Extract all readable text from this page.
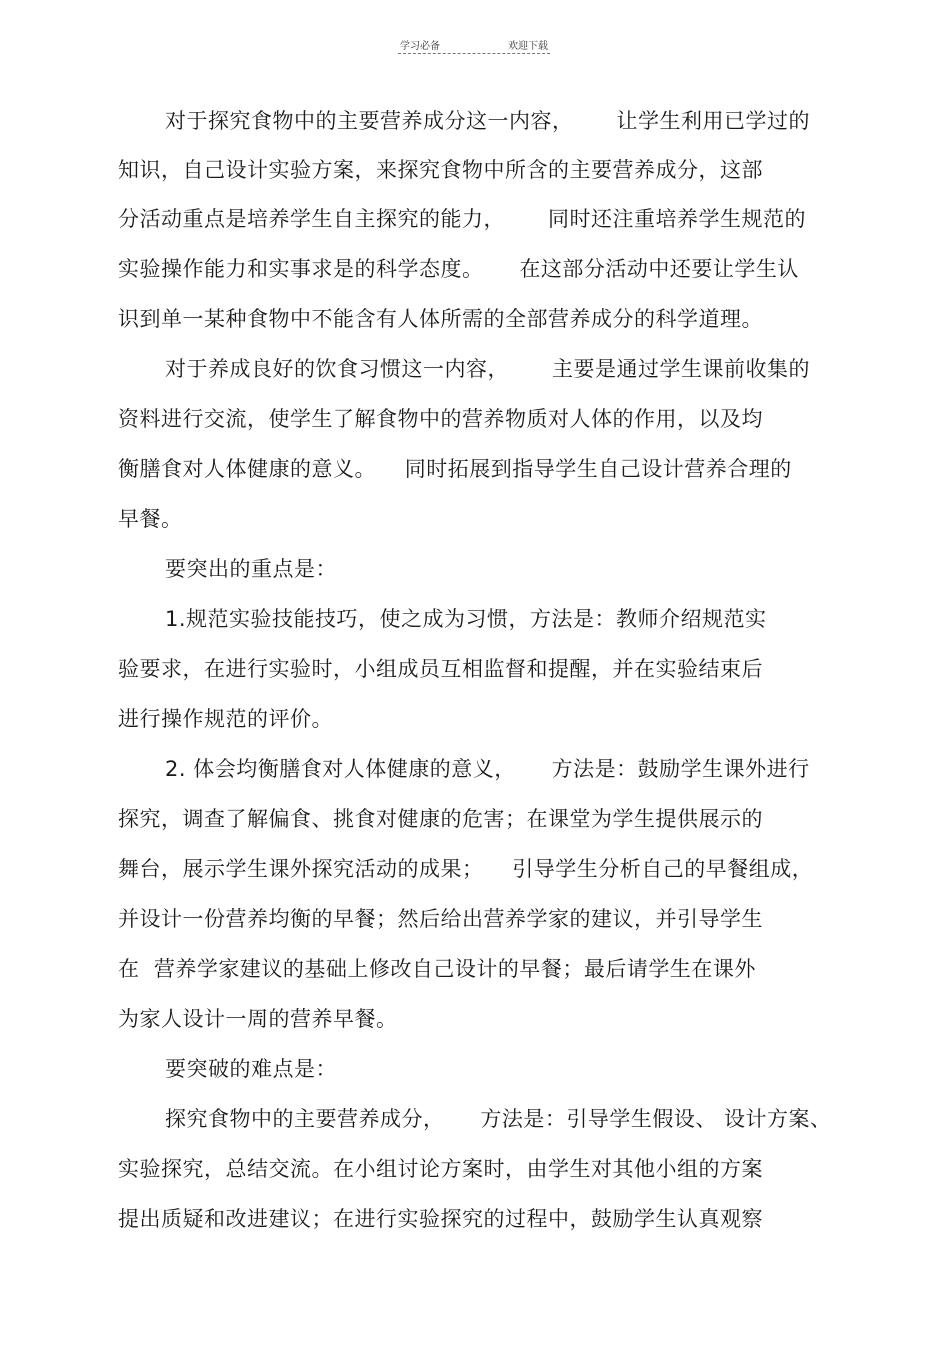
学习必备	欢迎下载
对于探究食物中的主要营养成分这一内容，      让学生利用已学过的
知识，自己设计实验方案，来探究食物中所含的主要营养成分，这部
分活动重点是培养学生自主探究的能力，      同时还注重培养学生规范的
实验操作能力和实事求是的科学态度。     在这部分活动中还要让学生认
识到单一某种食物中不能含有人体所需的全部营养成分的科学道理。
对于养成良好的饮食习惯这一内容，      主要是通过学生课前收集的
资料进行交流，使学生了解食物中的营养物质对人体的作用，以及均
衡膳食对人体健康的意义。    同时拓展到指导学生自己设计营养合理的
早餐。
要突出的重点是：
1.规范实验技能技巧，使之成为习惯，方法是：教师介绍规范实
验要求，在进行实验时，小组成员互相监督和提醒，并在实验结束后
进行操作规范的评价。
2. 体会均衡膳食对人体健康的意义，     方法是：鼓励学生课外进行
探究，调查了解偏食、挑食对健康的危害；在课堂为学生提供展示的
舞台，展示学生课外探究活动的成果；    引导学生分析自己的早餐组成，
并设计一份营养均衡的早餐；然后给出营养学家的建议，并引导学生
在  营养学家建议的基础上修改自己设计的早餐；最后请学生在课外
为家人设计一周的营养早餐。
要突破的难点是：
探究食物中的主要营养成分，     方法是：引导学生假设、 设计方案、
实验探究，总结交流。在小组讨论方案时，由学生对其他小组的方案
提出质疑和改进建议；在进行实验探究的过程中，鼓励学生认真观察
